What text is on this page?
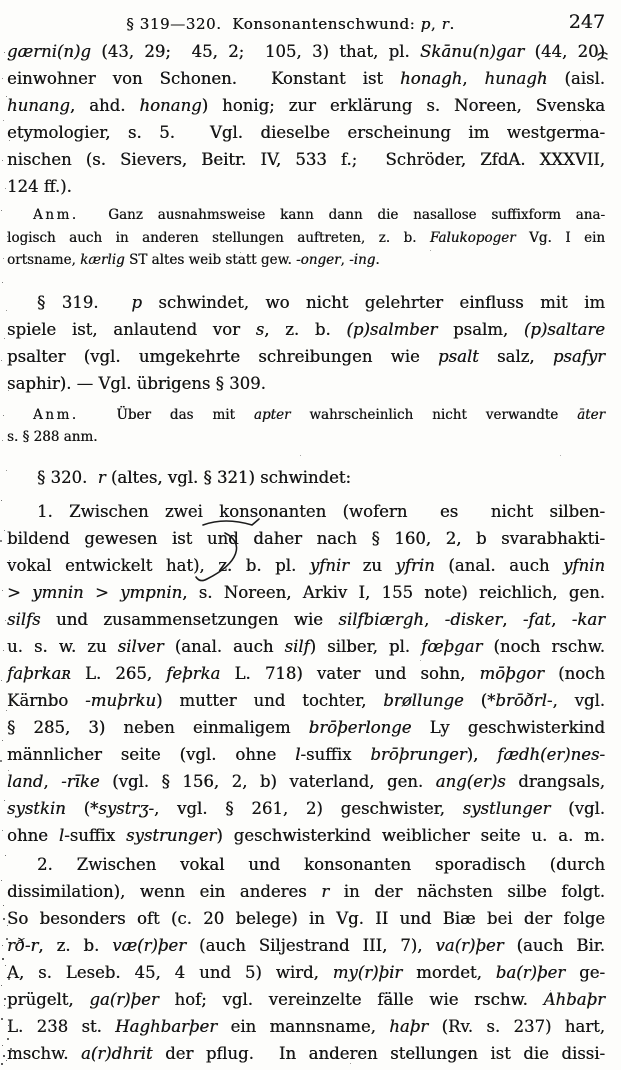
§ 319—320.  Konsonantenschwund: p, r.	247
gærni(n)g (43, 29;  45, 2;  105, 3) that, pl. Skānu(n)gar (44, 20)
einwohner von Schonen.  Konstant ist honagh, hunagh (aisl.
hunang, ahd. honang) honig; zur erklärung s. Noreen, Svenska
etymologier, s. 5.  Vgl. dieselbe erscheinung im westgerma-
nischen (s. Sievers, Beitr. IV, 533 f.;  Schröder, ZfdA. XXXVII,
124 ff.).
Anm.  Ganz ausnahmsweise kann dann die nasallose suffixform ana-
logisch auch in anderen stellungen auftreten, z. b. Falukopoger Vg. I ein
ortsname, kærlig ST altes weib statt gew. -onger, -ing.
§ 319.  p schwindet, wo nicht gelehrter einfluss mit im
spiele ist, anlautend vor s, z. b. (p)salmber psalm, (p)saltare
psalter (vgl. umgekehrte schreibungen wie psalt salz, psafyr
saphir). — Vgl. übrigens § 309.
Anm.  Über das mit apter wahrscheinlich nicht verwandte āter
s. § 288 anm.
§ 320.  r (altes, vgl. § 321) schwindet:
1. Zwischen zwei konsonanten (wofern  es  nicht silben-
bildend gewesen ist und daher nach § 160, 2, b svarabhakti-
vokal entwickelt hat), z. b. pl. yfnir zu yfrin (anal. auch yfnin
> ymnin > ympnin, s. Noreen, Arkiv I, 155 note) reichlich, gen.
silfs und zusammensetzungen wie silfbiærgh, -disker, -fat, -kar
u. s. w. zu silver (anal. auch silf) silber, pl. fœþgar (noch rschw.
faþrkaʀ L. 265, feþrka L. 718) vater und sohn, mōþgor (noch
Kärnbo -muþrku) mutter und tochter, brøllunge (*brōðrl-, vgl.
§ 285, 3) neben einmaligem brōþerlonge Ly geschwisterkind
männlicher seite (vgl. ohne l-suffix brōþrunger), fædh(er)nes-
land, -rīke (vgl. § 156, 2, b) vaterland, gen. ang(er)s drangsals,
systkin (*systrʒ-, vgl. § 261, 2) geschwister, systlunger (vgl.
ohne l-suffix systrunger) geschwisterkind weiblicher seite u. a. m.
2. Zwischen vokal und konsonanten sporadisch (durch
dissimilation), wenn ein anderes r in der nächsten silbe folgt.
So besonders oft (c. 20 belege) in Vg. II und Biæ bei der folge
rð-r, z. b. væ(r)þer (auch Siljestrand III, 7), va(r)þer (auch Bir.
A, s. Leseb. 45, 4 und 5) wird, my(r)þir mordet, ba(r)þer ge-
prügelt, ga(r)þer hof; vgl. vereinzelte fälle wie rschw. Ahbaþr
L. 238 st. Haghbarþer ein mannsname, haþr (Rv. s. 237) hart,
mschw. a(r)dhrit der pflug.  In anderen stellungen ist die dissi-
